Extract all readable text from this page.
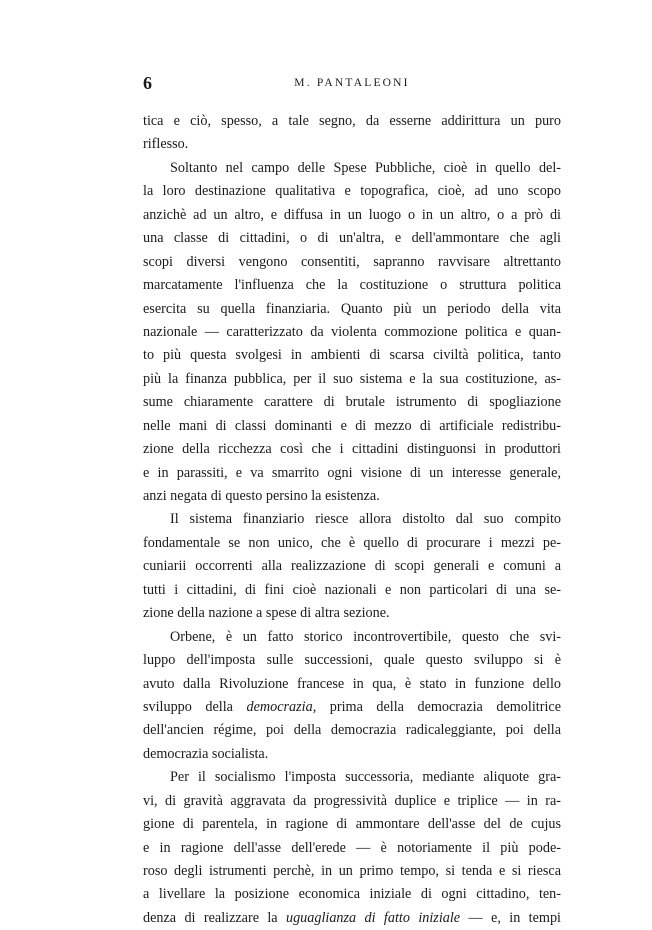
6	M. PANTALEONI
tica e ciò, spesso, a tale segno, da esserne addirittura un puro
riflesso.
Soltanto nel campo delle Spese Pubbliche, cioè in quello del-
la loro destinazione qualitativa e topografica, cioè, ad uno scopo
anzichè ad un altro, e diffusa in un luogo o in un altro, o a prò di
una classe di cittadini, o di un'altra, e dell'ammontare che agli
scopi diversi vengono consentiti, sapranno ravvisare altrettanto
marcatamente l'influenza che la costituzione o struttura politica
esercita su quella finanziaria. Quanto più un periodo della vita
nazionale — caratterizzato da violenta commozione politica e quan-
to più questa svolgesi in ambienti di scarsa civiltà politica, tanto
più la finanza pubblica, per il suo sistema e la sua costituzione, as-
sume chiaramente carattere di brutale istrumento di spogliazione
nelle mani di classi dominanti e di mezzo di artificiale redistribu-
zione della ricchezza così che i cittadini distinguonsi in produttori
e in parassiti, e va smarrito ogni visione di un interesse generale,
anzi negata di questo persino la esistenza.
Il sistema finanziario riesce allora distolto dal suo compito
fondamentale se non unico, che è quello di procurare i mezzi pe-
cuniarii occorrenti alla realizzazione di scopi generali e comuni a
tutti i cittadini, di fini cioè nazionali e non particolari di una se-
zione della nazione a spese di altra sezione.
Orbene, è un fatto storico incontrovertibile, questo che svi-
luppo dell'imposta sulle successioni, quale questo sviluppo si è
avuto dalla Rivoluzione francese in qua, è stato in funzione dello
sviluppo della democrazia, prima della democrazia demolitrice
dell'ancien régime, poi della democrazia radicaleggiante, poi della
democrazia socialista.
Per il socialismo l'imposta successoria, mediante aliquote gra-
vi, di gravità aggravata da progressività duplice e triplice — in ra-
gione di parentela, in ragione di ammontare dell'asse del de cujus
e in ragione dell'asse dell'erede — è notoriamente il più pode-
roso degli istrumenti perchè, in un primo tempo, si tenda e si riesca
a livellare la posizione economica iniziale di ogni cittadino, ten-
denza di realizzare la uguaglianza di fatto iniziale — e, in tempi
